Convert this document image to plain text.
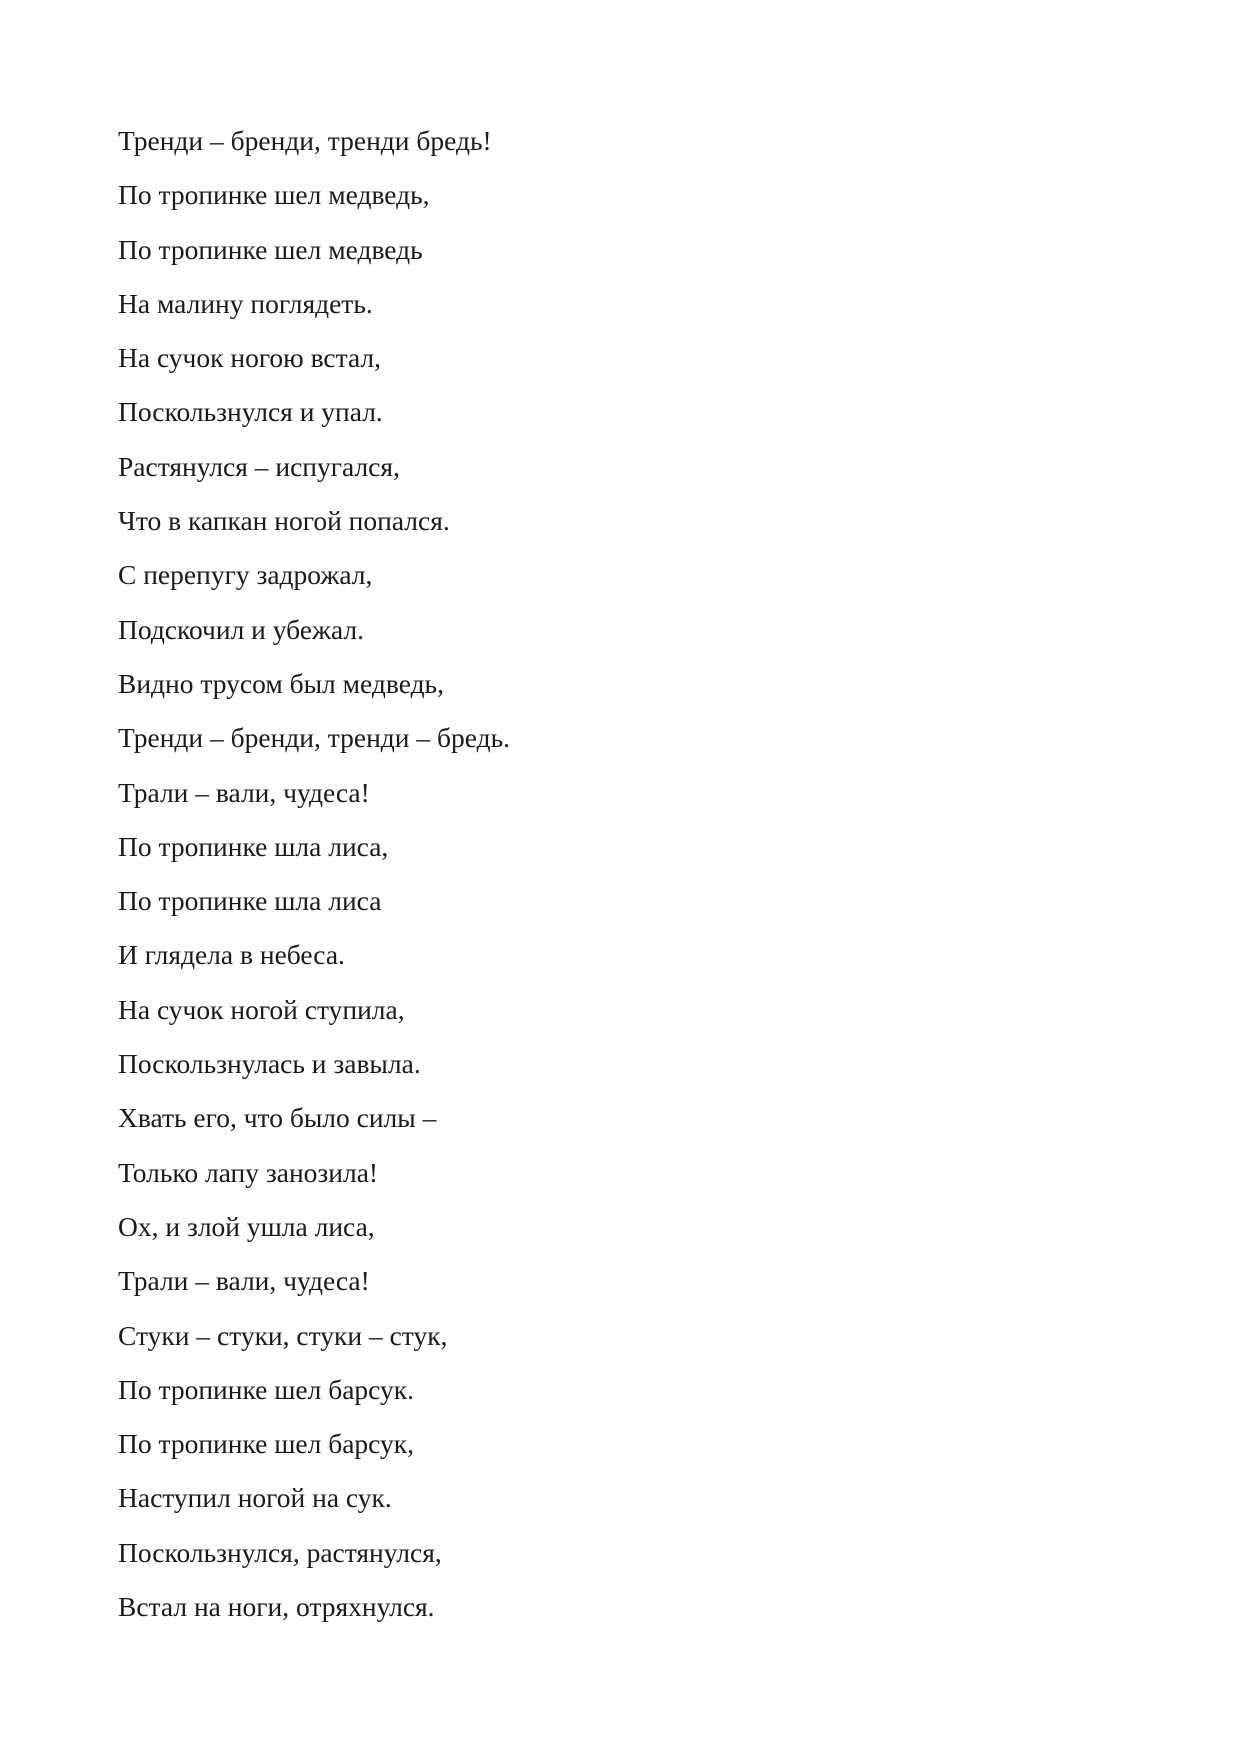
Тренди – бренди, тренди бредь!

По тропинке шел медведь,

По тропинке шел медведь

На малину поглядеть.

На сучок ногою встал,

Поскользнулся и упал.

Растянулся – испугался,

Что в капкан ногой попался.

С перепугу задрожал,

Подскочил и убежал.

Видно трусом был медведь,

Тренди – бренди, тренди – бредь.

Трали – вали, чудеса!

По тропинке шла лиса,

По тропинке шла лиса

И глядела в небеса.

На сучок ногой ступила,

Поскользнулась и завыла.

Хвать его, что было силы –

Только лапу занозила!

Ох, и злой ушла лиса,

Трали – вали, чудеса!

Стуки – стуки, стуки – стук,

По тропинке шел барсук.

По тропинке шел барсук,

Наступил ногой на сук.

Поскользнулся, растянулся,

Встал на ноги, отряхнулся.
